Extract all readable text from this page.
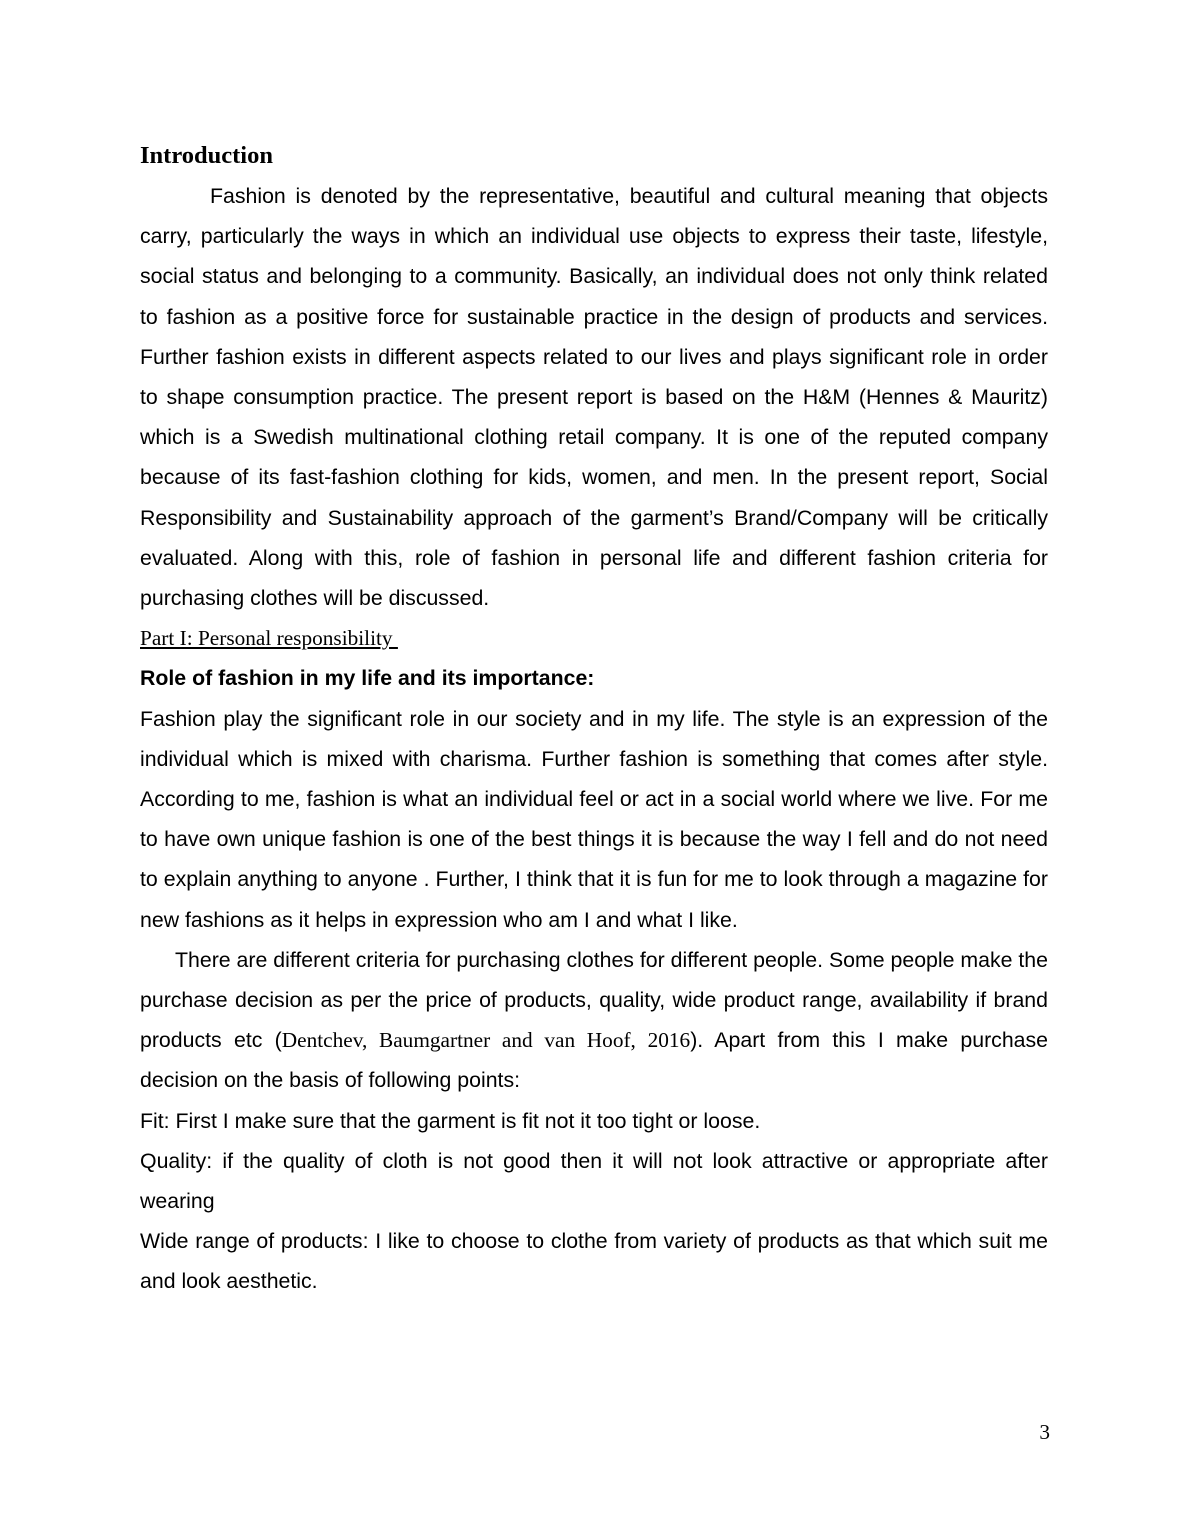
Introduction

Fashion is denoted by the representative, beautiful and cultural meaning that objects carry, particularly the ways in which an individual use objects to express their taste, lifestyle, social status and belonging to a community. Basically, an individual does not only think related to fashion as a positive force for sustainable practice in the design of products and services. Further fashion exists in different aspects related to our lives and plays significant role in order to shape consumption practice. The present report is based on the H&M (Hennes & Mauritz) which is a Swedish multinational clothing retail company. It is one of the reputed company because of its fast-fashion clothing for kids, women, and men. In the present report, Social Responsibility and Sustainability approach of the garment’s Brand/Company will be critically evaluated. Along with this, role of fashion in personal life and different fashion criteria for purchasing clothes will be discussed.

Part I: Personal responsibility
Role of fashion in my life and its importance:

Fashion play the significant role in our society and in my life. The style is an expression of the individual which is mixed with charisma. Further fashion is something that comes after style. According to me, fashion is what an individual feel or act in a social world where we live. For me to have own unique fashion is one of the best things it is because the way I fell and do not need to explain anything to anyone . Further, I think that it is fun for me to look through a magazine for new fashions as it helps in expression who am I and what I like.

There are different criteria for purchasing clothes for different people. Some people make the purchase decision as per the price of products, quality, wide product range, availability if brand products etc (Dentchev, Baumgartner and van Hoof, 2016). Apart from this I make purchase decision on the basis of following points:

Fit: First I make sure that the garment is fit not it too tight or loose.

Quality: if the quality of cloth is not good then it will not look attractive or appropriate after wearing

Wide range of products: I like to choose to clothe from variety of products as that which suit me and look aesthetic.

3
